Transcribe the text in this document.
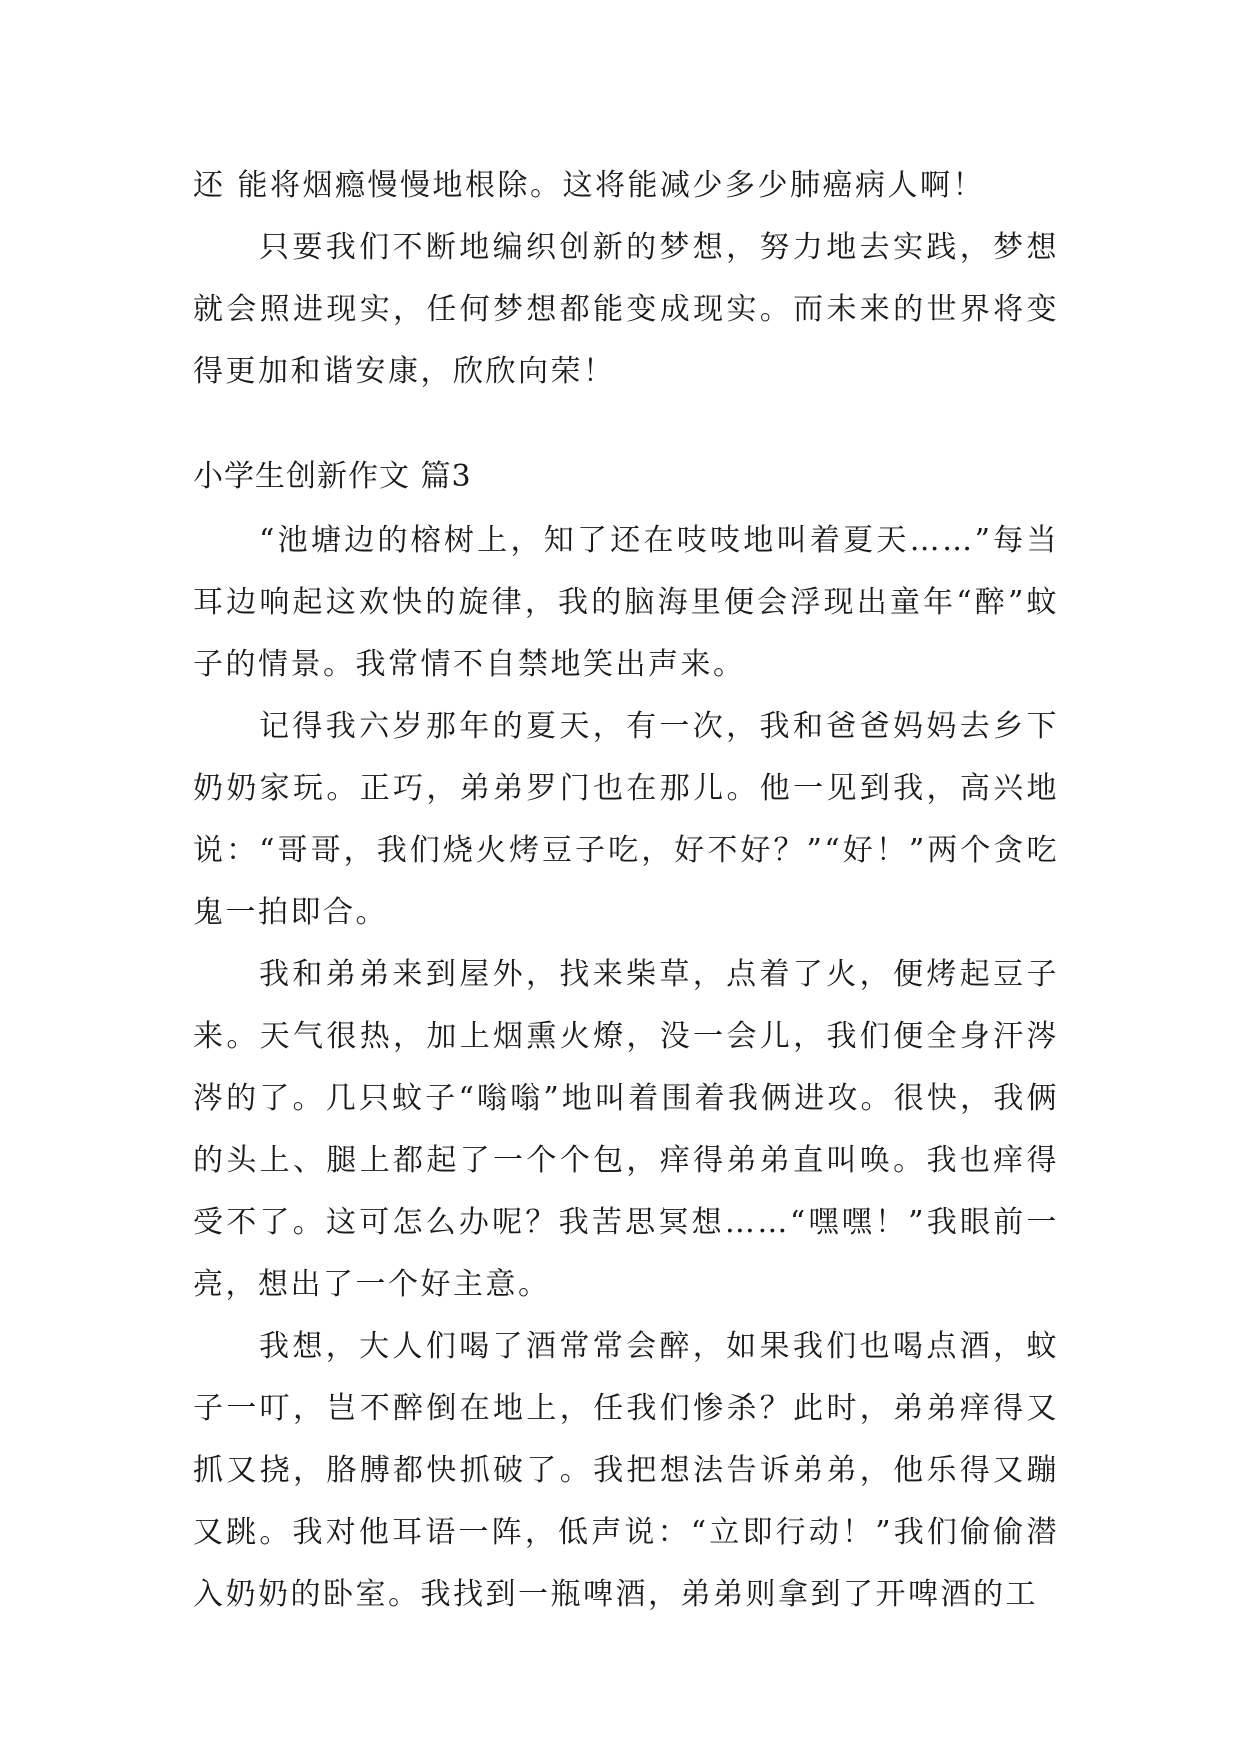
还 能将烟瘾慢慢地根除。这将能减少多少肺癌病人啊！

只要我们不断地编织创新的梦想，努力地去实践，梦想就会照进现实，任何梦想都能变成现实。而未来的世界将变得更加和谐安康，欣欣向荣！

小学生创新作文 篇3

“池塘边的榕树上，知了还在吱吱地叫着夏天……”每当耳边响起这欢快的旋律，我的脑海里便会浮现出童年“醉”蚊子的情景。我常情不自禁地笑出声来。

记得我六岁那年的夏天，有一次，我和爸爸妈妈去乡下奶奶家玩。正巧，弟弟罗门也在那儿。他一见到我，高兴地说：“哥哥，我们烧火烤豆子吃，好不好？”“好！”两个贪吃鬼一拍即合。

我和弟弟来到屋外，找来柴草，点着了火，便烤起豆子来。天气很热，加上烟熏火燎，没一会儿，我们便全身汗涔涔的了。几只蚊子“嗡嗡”地叫着围着我俩进攻。很快，我俩的头上、腿上都起了一个个包，痒得弟弟直叫唤。我也痒得受不了。这可怎么办呢？我苦思冥想……“嘿嘿！”我眼前一亮，想出了一个好主意。

我想，大人们喝了酒常常会醉，如果我们也喝点酒，蚊子一叮，岂不醉倒在地上，任我们惨杀？此时，弟弟痒得又抓又挠，胳膊都快抓破了。我把想法告诉弟弟，他乐得又蹦又跳。我对他耳语一阵，低声说：“立即行动！”我们偷偷潜入奶奶的卧室。我找到一瓶啤酒，弟弟则拿到了开啤酒的工
